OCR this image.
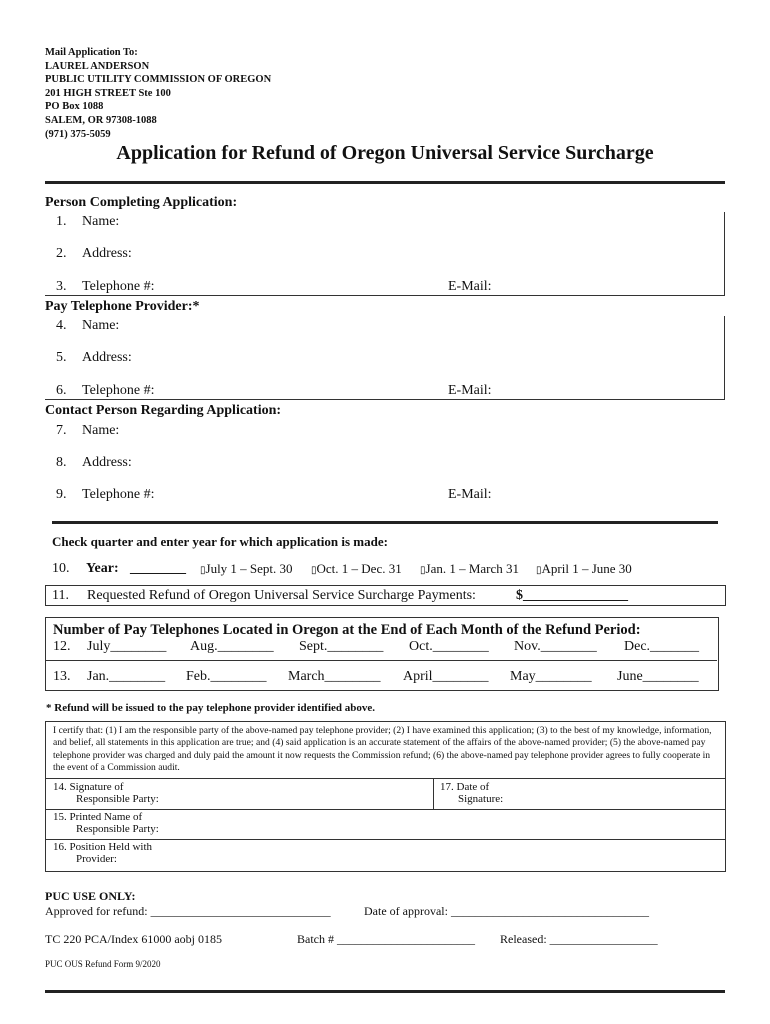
Mail Application To:
LAUREL ANDERSON
PUBLIC UTILITY COMMISSION OF OREGON
201 HIGH STREET Ste 100
PO Box 1088
SALEM, OR 97308-1088
(971) 375-5059
Application for Refund of Oregon Universal Service Surcharge
Person Completing Application:
1. Name:
2. Address:
3. Telephone #:	E-Mail:
Pay Telephone Provider:*
4. Name:
5. Address:
6. Telephone #:	E-Mail:
Contact Person Regarding Application:
7. Name:
8. Address:
9. Telephone #:	E-Mail:
Check quarter and enter year for which application is made:
10. Year: ________ ▯July 1 – Sept. 30 ▯Oct. 1 – Dec. 31 ▯Jan. 1 – March 31 ▯April 1 – June 30
11. Requested Refund of Oregon Universal Service Surcharge Payments:	$_______________
Number of Pay Telephones Located in Oregon at the End of Each Month of the Refund Period:
12. July________ Aug.________ Sept.________ Oct.________ Nov.________ Dec._______
13. Jan.________ Feb.________ March________ April________ May________ June________
* Refund will be issued to the pay telephone provider identified above.
I certify that: (1) I am the responsible party of the above-named pay telephone provider; (2) I have examined this application; (3) to the best of my knowledge, information, and belief, all statements in this application are true; and (4) said application is an accurate statement of the affairs of the above-named provider; (5) the above-named pay telephone provider was charged and duly paid the amount it now requests the Commission refund; (6) the above-named pay telephone provider agrees to fully cooperate in the event of a Commission audit.
14. Signature of
Responsible Party:
17. Date of
Signature:
15. Printed Name of
Responsible Party:
16. Position Held with
Provider:
PUC USE ONLY:
Approved for refund: ______________________________	Date of approval: _________________________________
TC 220 PCA/Index 61000 aobj 0185	Batch # _______________________ Released: __________________
PUC OUS Refund Form 9/2020
